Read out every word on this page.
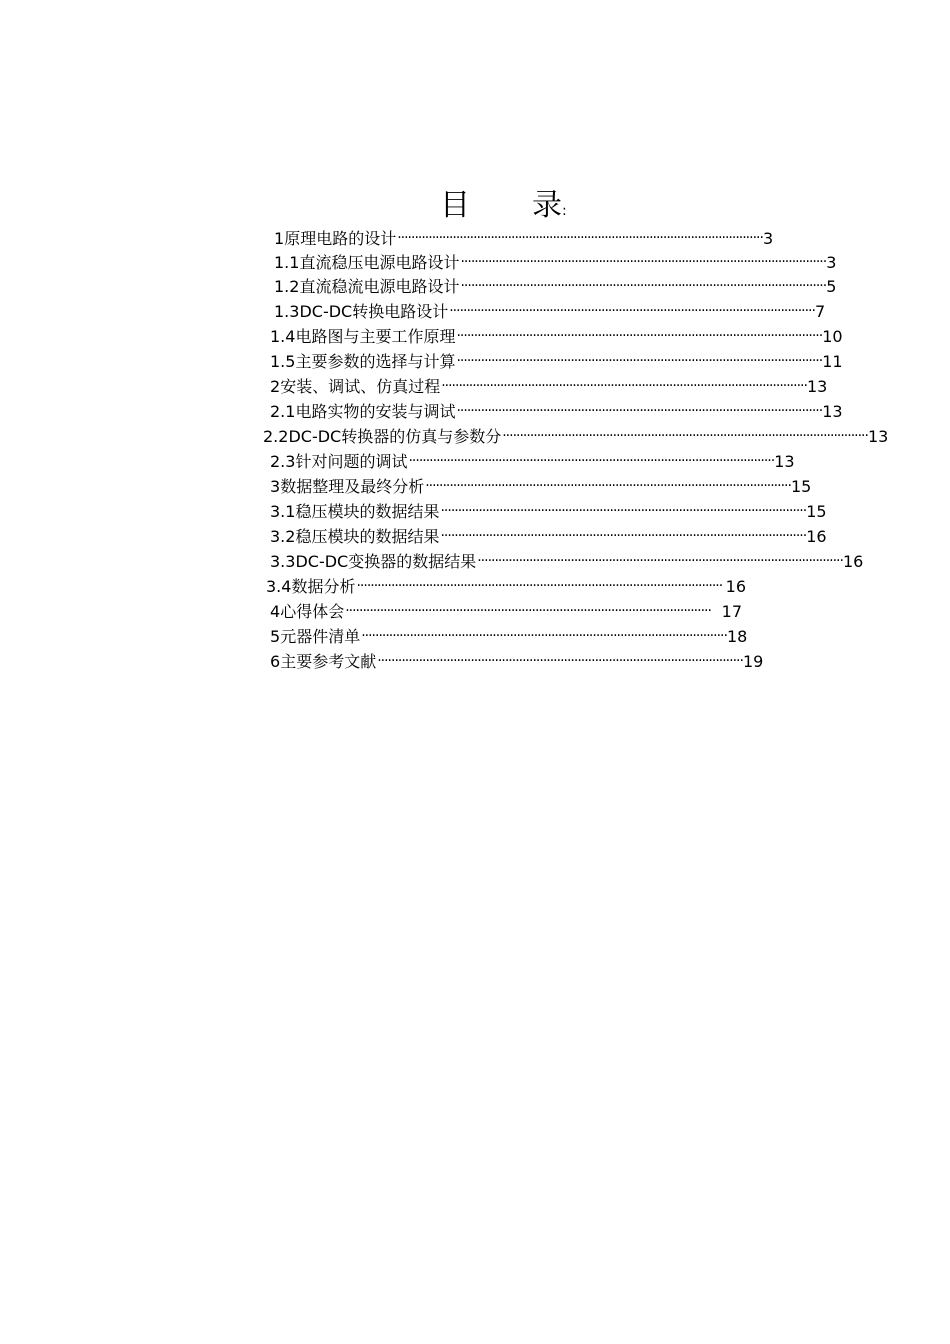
目 录:
1 原理电路的设计 ·········································································································· 3
1.1 直流稳压电源电路设计 ·········································································································· 3
1.2 直流稳流电源电路设计 ·········································································································· 5
1.3 DC-DC转换电路设计 ·········································································································· 7
1.4 电路图与主要工作原理 ·········································································································· 10
1.5 主要参数的选择与计算 ·········································································································· 11
2 安装、调试、仿真过程 ·········································································································· 13
2.1 电路实物的安装与调试 ·········································································································· 13
2.2 DC-DC转换器的仿真与参数分 ·········································································································· 13
2.3 针对问题的调试 ·········································································································· 13
3 数据整理及最终分析 ·········································································································· 15
3.1 稳压模块的数据结果 ·········································································································· 15
3.2 稳压模块的数据结果 ·········································································································· 16
3.3 DC-DC变换器的数据结果 ·········································································································· 16
3.4 数据分析 ·········································································································· 16
4 心得体会 ·········································································································· 17
5 元器件清单 ·········································································································· 18
6 主要参考文献 ·········································································································· 19
